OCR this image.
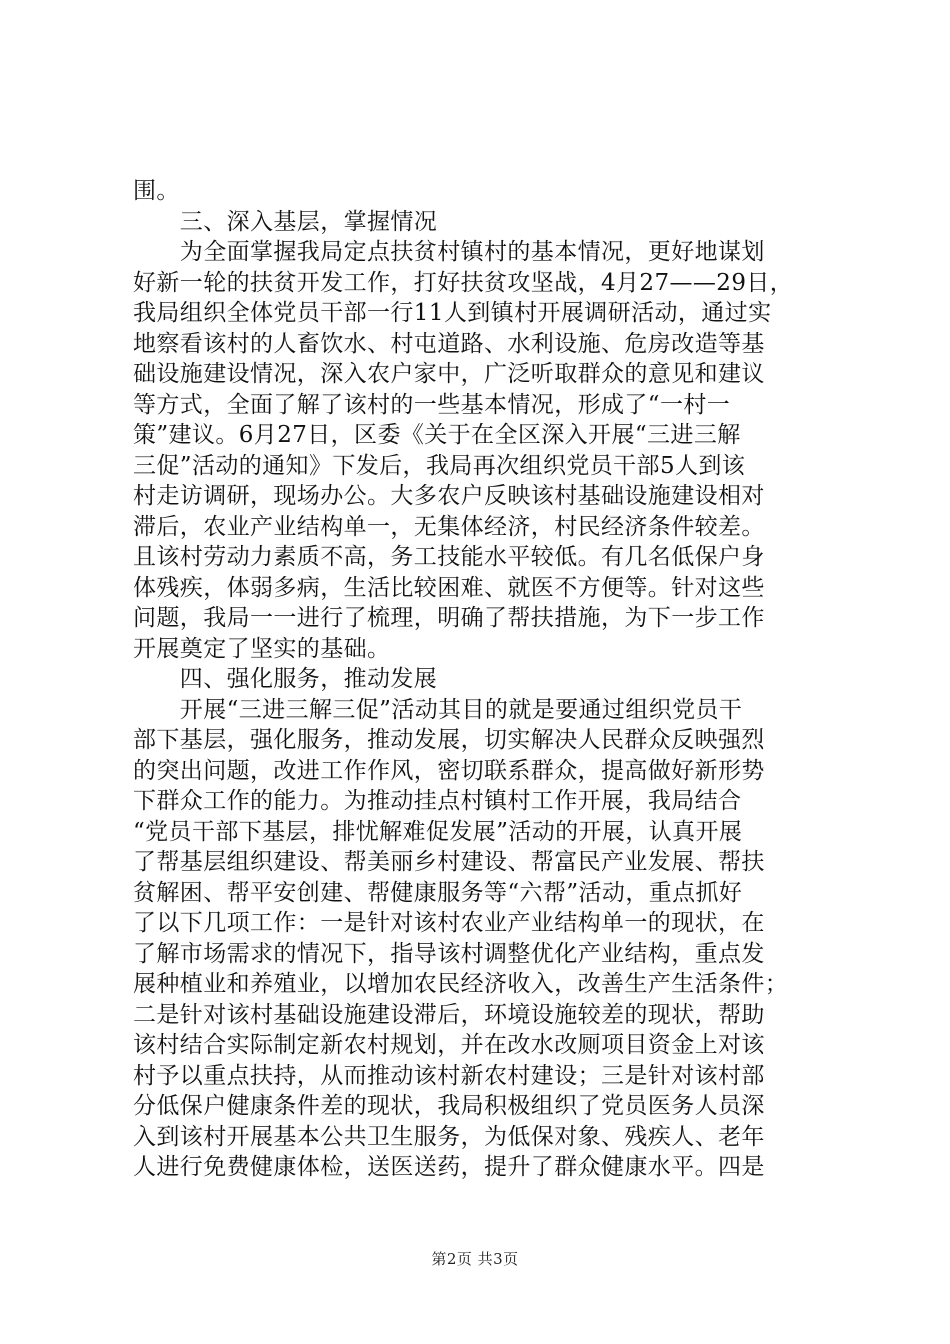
围。
　　三、深入基层，掌握情况
　　为全面掌握我局定点扶贫村镇村的基本情况，更好地谋划
好新一轮的扶贫开发工作，打好扶贫攻坚战，4月27——29日，
我局组织全体党员干部一行11人到镇村开展调研活动，通过实
地察看该村的人畜饮水、村屯道路、水利设施、危房改造等基
础设施建设情况，深入农户家中，广泛听取群众的意见和建议
等方式，全面了解了该村的一些基本情况，形成了“一村一
策”建议。6月27日，区委《关于在全区深入开展“三进三解
三促”活动的通知》下发后，我局再次组织党员干部5人到该
村走访调研，现场办公。大多农户反映该村基础设施建设相对
滞后，农业产业结构单一，无集体经济，村民经济条件较差。
且该村劳动力素质不高，务工技能水平较低。有几名低保户身
体残疾，体弱多病，生活比较困难、就医不方便等。针对这些
问题，我局一一进行了梳理，明确了帮扶措施，为下一步工作
开展奠定了坚实的基础。
　　四、强化服务，推动发展
　　开展“三进三解三促”活动其目的就是要通过组织党员干
部下基层，强化服务，推动发展，切实解决人民群众反映强烈
的突出问题，改进工作作风，密切联系群众，提高做好新形势
下群众工作的能力。为推动挂点村镇村工作开展，我局结合
“党员干部下基层，排忧解难促发展”活动的开展，认真开展
了帮基层组织建设、帮美丽乡村建设、帮富民产业发展、帮扶
贫解困、帮平安创建、帮健康服务等“六帮”活动，重点抓好
了以下几项工作：一是针对该村农业产业结构单一的现状，在
了解市场需求的情况下，指导该村调整优化产业结构，重点发
展种植业和养殖业，以增加农民经济收入，改善生产生活条件；
二是针对该村基础设施建设滞后，环境设施较差的现状，帮助
该村结合实际制定新农村规划，并在改水改厕项目资金上对该
村予以重点扶持，从而推动该村新农村建设；三是针对该村部
分低保户健康条件差的现状，我局积极组织了党员医务人员深
入到该村开展基本公共卫生服务，为低保对象、残疾人、老年
人进行免费健康体检，送医送药，提升了群众健康水平。四是
第2页 共3页
